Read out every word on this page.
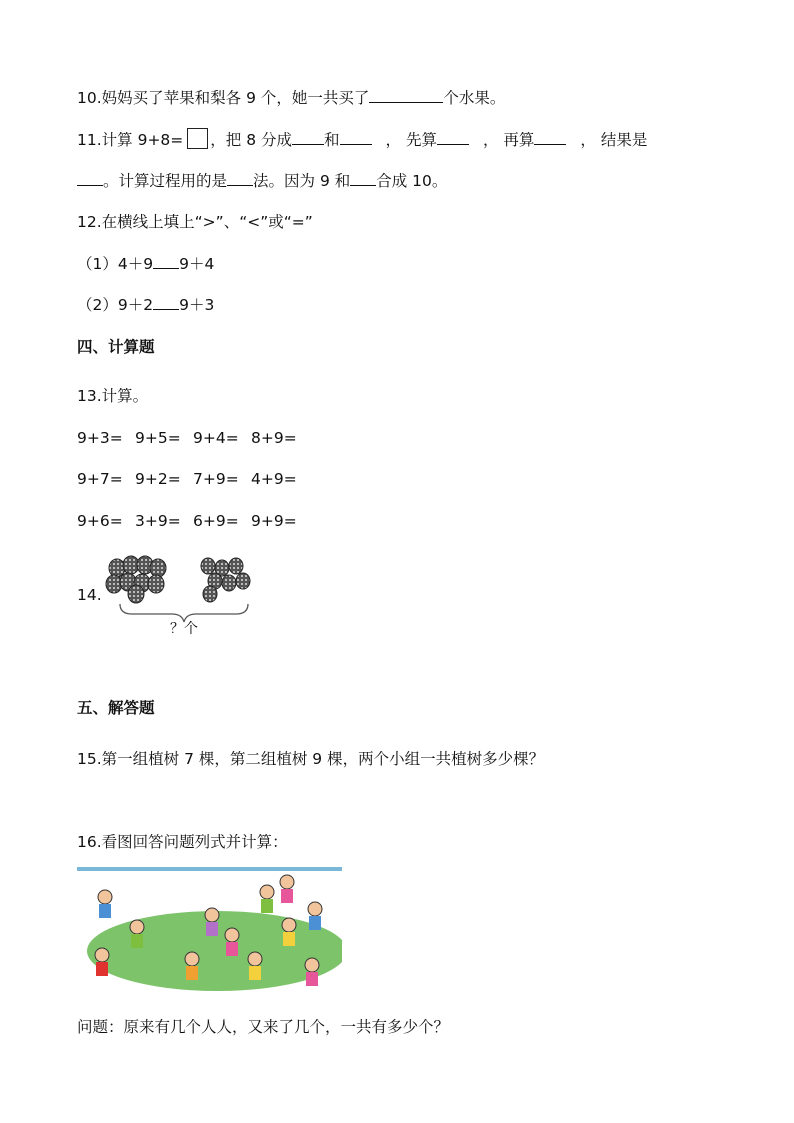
10.妈妈买了苹果和梨各 9 个，她一共买了	个水果。
11.计算 9+8= ，把 8 分成 和	， 先算	， 再算	， 结果是
。计算过程用的是 法。因为 9 和 合成 10。
12.在横线上填上“>”、“<”或“=”
（1）4＋9 9＋4
（2）9＋2 9＋3
四、计算题
13.计算。
9+3= 9+5= 9+4= 8+9=
9+7= 9+2= 7+9= 4+9=
9+6= 3+9= 6+9= 9+9=
14.
？个
五、解答题
15.第一组植树 7 棵，第二组植树 9 棵，两个小组一共植树多少棵？
16.看图回答问题列式并计算：
问题：原来有几个人人，又来了几个，一共有多少个？
